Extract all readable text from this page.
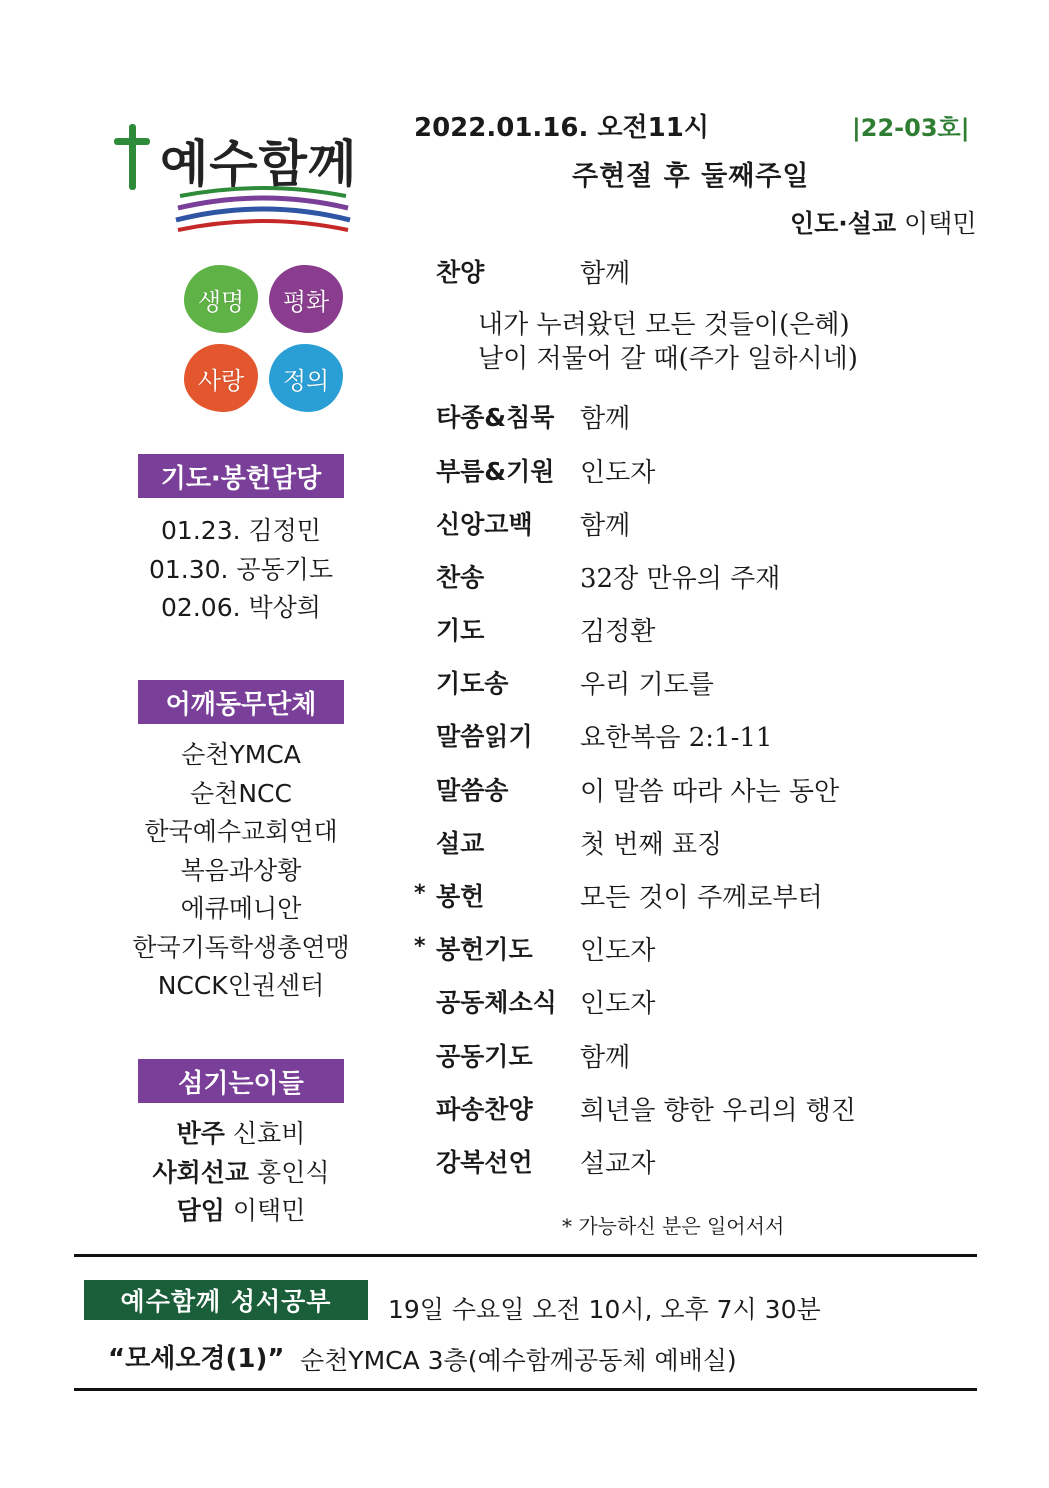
예수함께
생명 평화
사랑 정의
기도·봉헌담당
01.23. 김정민
01.30. 공동기도
02.06. 박상희
어깨동무단체
순천YMCA
순천NCC
한국예수교회연대
복음과상황
에큐메니안
한국기독학생총연맹
NCCK인권센터
섬기는이들
반주 신효비
사회선교 홍인식
담임 이택민
2022.01.16. 오전11시	|22-03호|
주현절 후 둘째주일
인도·설교 이택민
찬양	함께
내가 누려왔던 모든 것들이(은혜)
날이 저물어 갈 때(주가 일하시네)
타종&침묵 함께
부름&기원 인도자
신앙고백 함께
찬송	32장 만유의 주재
기도	김정환
기도송	우리 기도를
말씀읽기 요한복음 2:1-11
말씀송	이 말씀 따라 사는 동안
설교	첫 번째 표징
* 봉헌	모든 것이 주께로부터
* 봉헌기도 인도자
공동체소식 인도자
공동기도 함께
파송찬양 희년을 향한 우리의 행진
강복선언 설교자
* 가능하신 분은 일어서서
예수함께 성서공부	19일 수요일 오전 10시, 오후 7시 30분
“모세오경(1)” 순천YMCA 3층(예수함께공동체 예배실)
